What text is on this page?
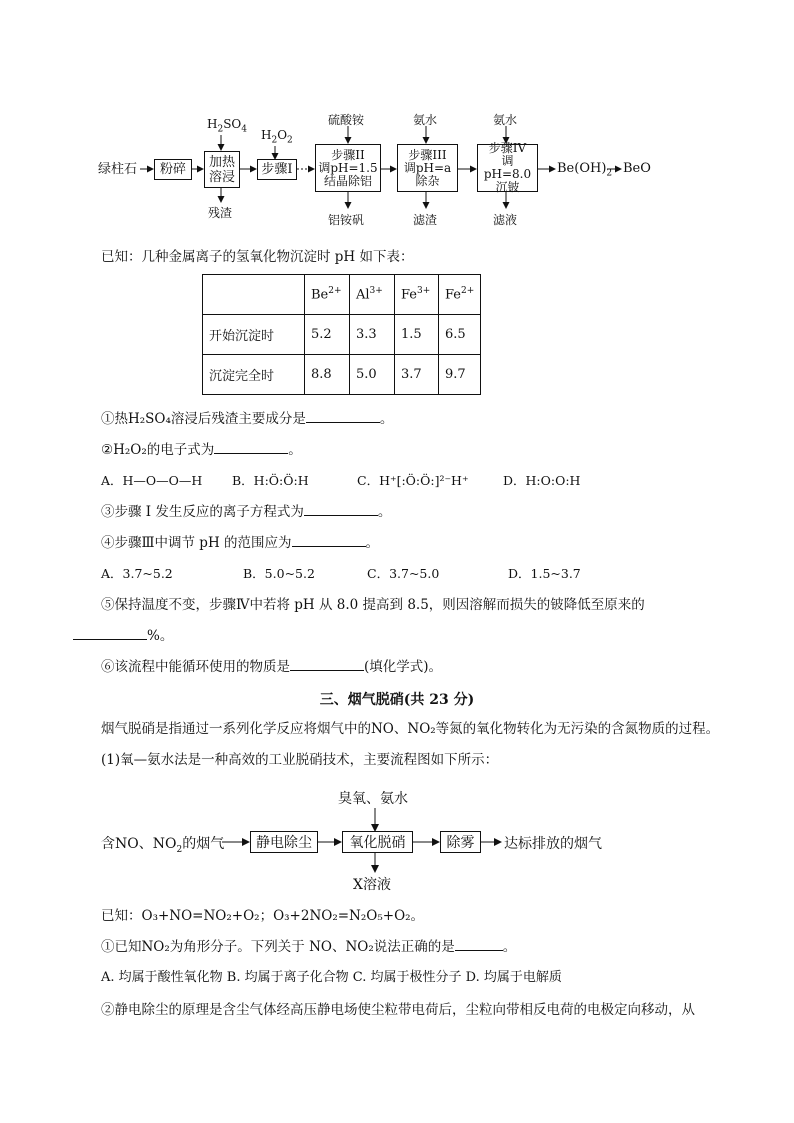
绿柱石 粉碎 加热
溶浸 步骤I
步骤II
调pH=1.5
结晶除铝
步骤III
调pH=a
除杂
步骤IV
调pH=8.0
沉铍
$H_2SO_4$ $H_2O_2$
硫酸铵	氨水	氨水
残渣	铝铵矾	滤渣	滤液
$Be(OH)_2$ BeO
已知：几种金属离子的氢氧化物沉淀时 pH 如下表：
	$Be^{2+}$	$Al^{3+}$	$Fe^{3+}$	$Fe^{2+}$
开始沉淀时	5.2	3.3	1.5	6.5
沉淀完全时	8.8	5.0	3.7	9.7
①热H₂SO₄溶浸后残渣主要成分是	。
②H₂O₂的电子式为	。
A．H—O—O—H B．H:Ö:Ö:H	C．H⁺[:Ö:Ö:]²⁻H⁺	D．H:O:O:H
③步骤 I 发生反应的离子方程式为	。
④步骤Ⅲ中调节 pH 的范围应为	。
A．3.7~5.2	B．5.0~5.2	C．3.7~5.0	D．1.5~3.7
⑤保持温度不变，步骤Ⅳ中若将 pH 从 8.0 提高到 8.5，则因溶解而损失的铍降低至原来的
%。
⑥该流程中能循环使用的物质是	(填化学式)。
三、烟气脱硝(共 23 分)
烟气脱硝是指通过一系列化学反应将烟气中的NO、NO₂等氮的氧化物转化为无污染的含氮物质的过程。
(1)氧—氨水法是一种高效的工业脱硝技术，主要流程图如下所示：
臭氧、氨水
含NO、$NO_2$的烟气 静电除尘	氧化脱硝	除雾 达标排放的烟气
X溶液
已知：O₃+NO=NO₂+O₂；O₃+2NO₂=N₂O₅+O₂。
①已知NO₂为角形分子。下列关于 NO、NO₂说法正确的是	。
A. 均属于酸性氧化物 B. 均属于离子化合物 C. 均属于极性分子 D. 均属于电解质
②静电除尘的原理是含尘气体经高压静电场使尘粒带电荷后，尘粒向带相反电荷的电极定向移动，从
